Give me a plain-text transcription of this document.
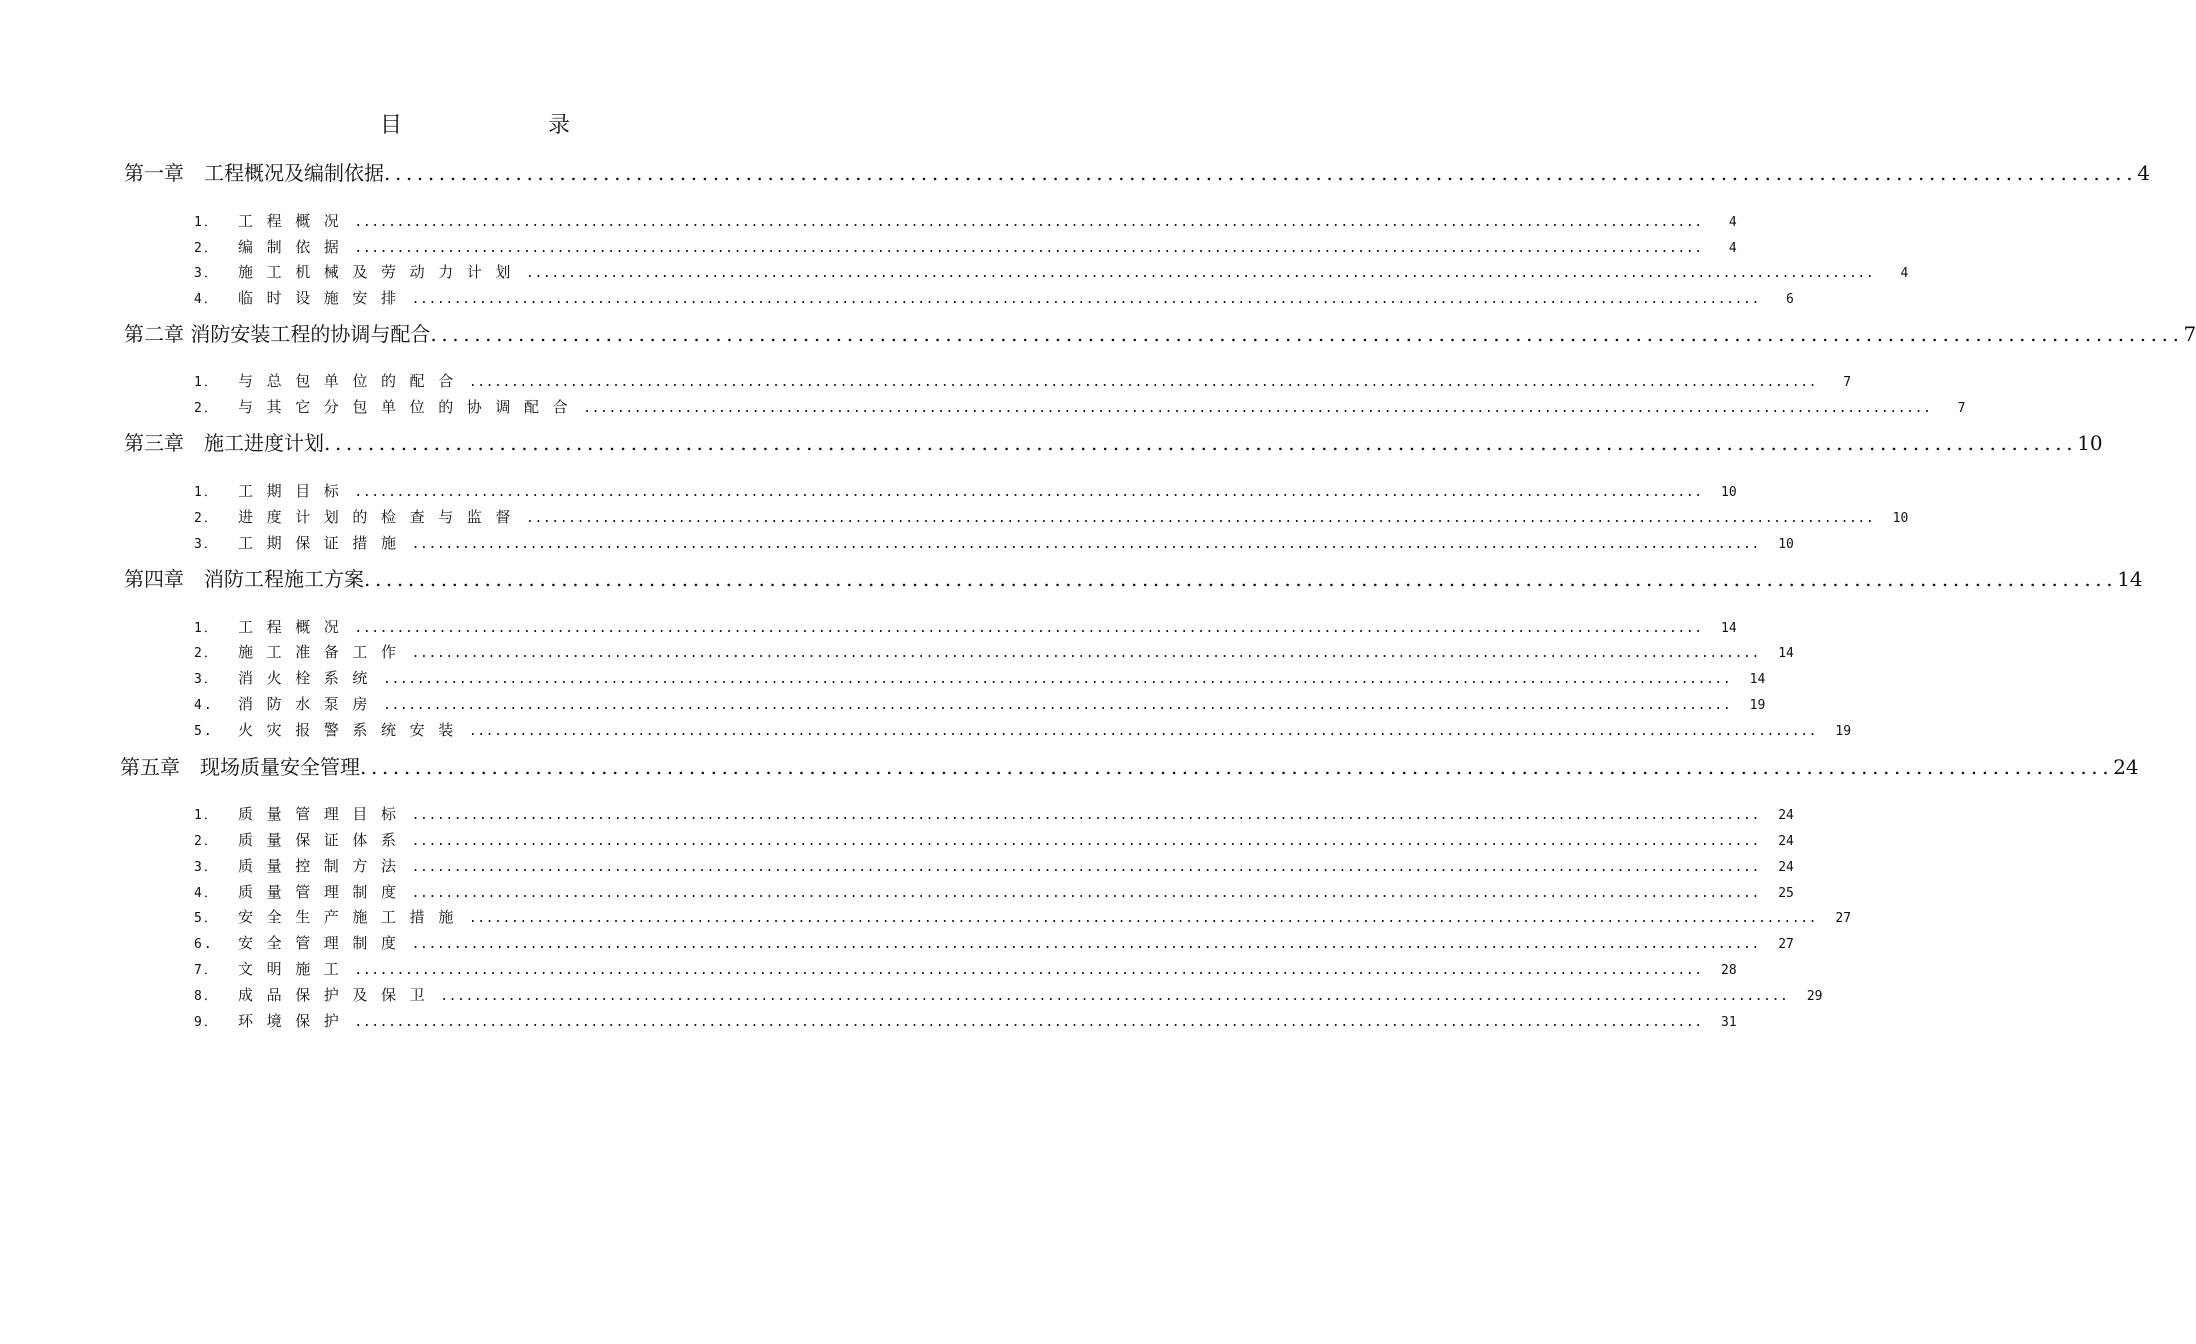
目　录
第一章　工程概况及编制依据 ................................................................................................................................................................ 4
1．	工程概况 ................................................................................................................................................................	4
2．	编制依据 ................................................................................................................................................................	4
3．	施工机械及劳动力计划 ................................................................................................................................................................	4
4．	临时设施安排 ................................................................................................................................................................	6
第二章 消防安装工程的协调与配合 ................................................................................................................................................................ 7
1．	与总包单位的配合 ................................................................................................................................................................	7
2．	与其它分包单位的协调配合 ................................................................................................................................................................	7
第三章　施工进度计划 ................................................................................................................................................................ 10
1．	工期目标 ................................................................................................................................................................	10
2．	进度计划的检查与监督 ................................................................................................................................................................	10
3．	工期保证措施 ................................................................................................................................................................	10
第四章　消防工程施工方案 ................................................................................................................................................................ 14
1．	工程概况 ................................................................................................................................................................	14
2．	施工准备工作 ................................................................................................................................................................	14
3．	消火栓系统 ................................................................................................................................................................	14
4.	消防水泵房 ................................................................................................................................................................	19
5.	火灾报警系统安装 ................................................................................................................................................................	19
第五章　现场质量安全管理 ................................................................................................................................................................ 24
1．	质量管理目标 ................................................................................................................................................................	24
2．	质量保证体系 ................................................................................................................................................................	24
3．	质量控制方法 ................................................................................................................................................................	24
4．	质量管理制度 ................................................................................................................................................................	25
5．	安全生产施工措施 ................................................................................................................................................................	27
6.	安全管理制度 ................................................................................................................................................................	27
7．	文明施工 ................................................................................................................................................................	28
8．	成品保护及保卫 ................................................................................................................................................................	29
9．	环境保护 ................................................................................................................................................................	31
